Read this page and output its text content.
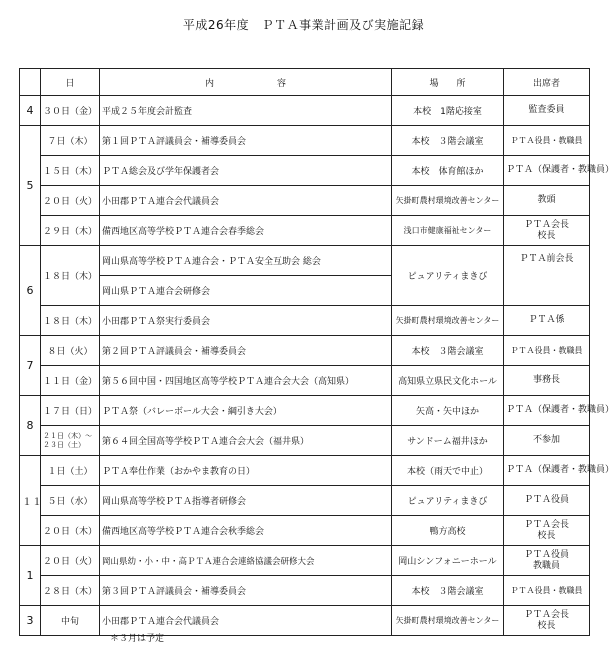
平成26年度　ＰＴＡ事業計画及び実施記録
	日	内　　　　　　　容	場　　所	出席者
4	３０日（金）	平成２５年度会計監査	本校　1階応接室	監査委員
5	７日（木）	第１回ＰＴＡ評議員会・補導委員会	本校　３階会議室	ＰＴＡ役員・教職員
	１５日（木）	ＰＴＡ総会及び学年保護者会	本校　体育館ほか	ＰＴＡ（保護者・教職員）
	２０日（火）	小田郡ＰＴＡ連合会代議員会	矢掛町農村環境改善センター	教頭
	２９日（木）	備西地区高等学校ＰＴＡ連合会春季総会	浅口市健康福祉センター	ＰＴＡ会長
校長
6	１８日（木）	岡山県高等学校ＰＴＡ連合会・ＰＴＡ安全互助会 総会	ピュアリティまきび	ＰＴＡ前会長
		岡山県ＰＴＡ連合会研修会		
	１８日（木）	小田郡ＰＴＡ祭実行委員会	矢掛町農村環境改善センター	ＰＴＡ係
7	８日（火）	第２回ＰＴＡ評議員会・補導委員会	本校　３階会議室	ＰＴＡ役員・教職員
	１１日（金）	第５６回中国・四国地区高等学校ＰＴＡ連合会大会（高知県）	高知県立県民文化ホール	事務長
8	１７日（日）	ＰＴＡ祭（バレーボール大会・綱引き大会）	矢高・矢中ほか	ＰＴＡ（保護者・教職員）
	２１日（木）～
２３日（土）	第６４回全国高等学校ＰＴＡ連合会大会（福井県）	サンドーム福井ほか	不参加
１１	１日（土）	ＰＴＡ奉仕作業（おかやま教育の日）	本校（雨天で中止）	ＰＴＡ（保護者・教職員）
	５日（水）	岡山県高等学校ＰＴＡ指導者研修会	ピュアリティまきび	ＰＴＡ役員
	２０日（木）	備西地区高等学校ＰＴＡ連合会秋季総会	鴨方高校	ＰＴＡ会長
校長
1	２０日（火）	岡山県幼・小・中・高ＰＴＡ連合会連絡協議会研修大会	岡山シンフォニーホール	ＰＴＡ役員
教職員
	２８日（木）	第３回ＰＴＡ評議員会・補導委員会	本校　３階会議室	ＰＴＡ役員・教職員
3	中旬	小田郡ＰＴＡ連合会代議員会	矢掛町農村環境改善センター	ＰＴＡ会長
校長
＊３月は予定
